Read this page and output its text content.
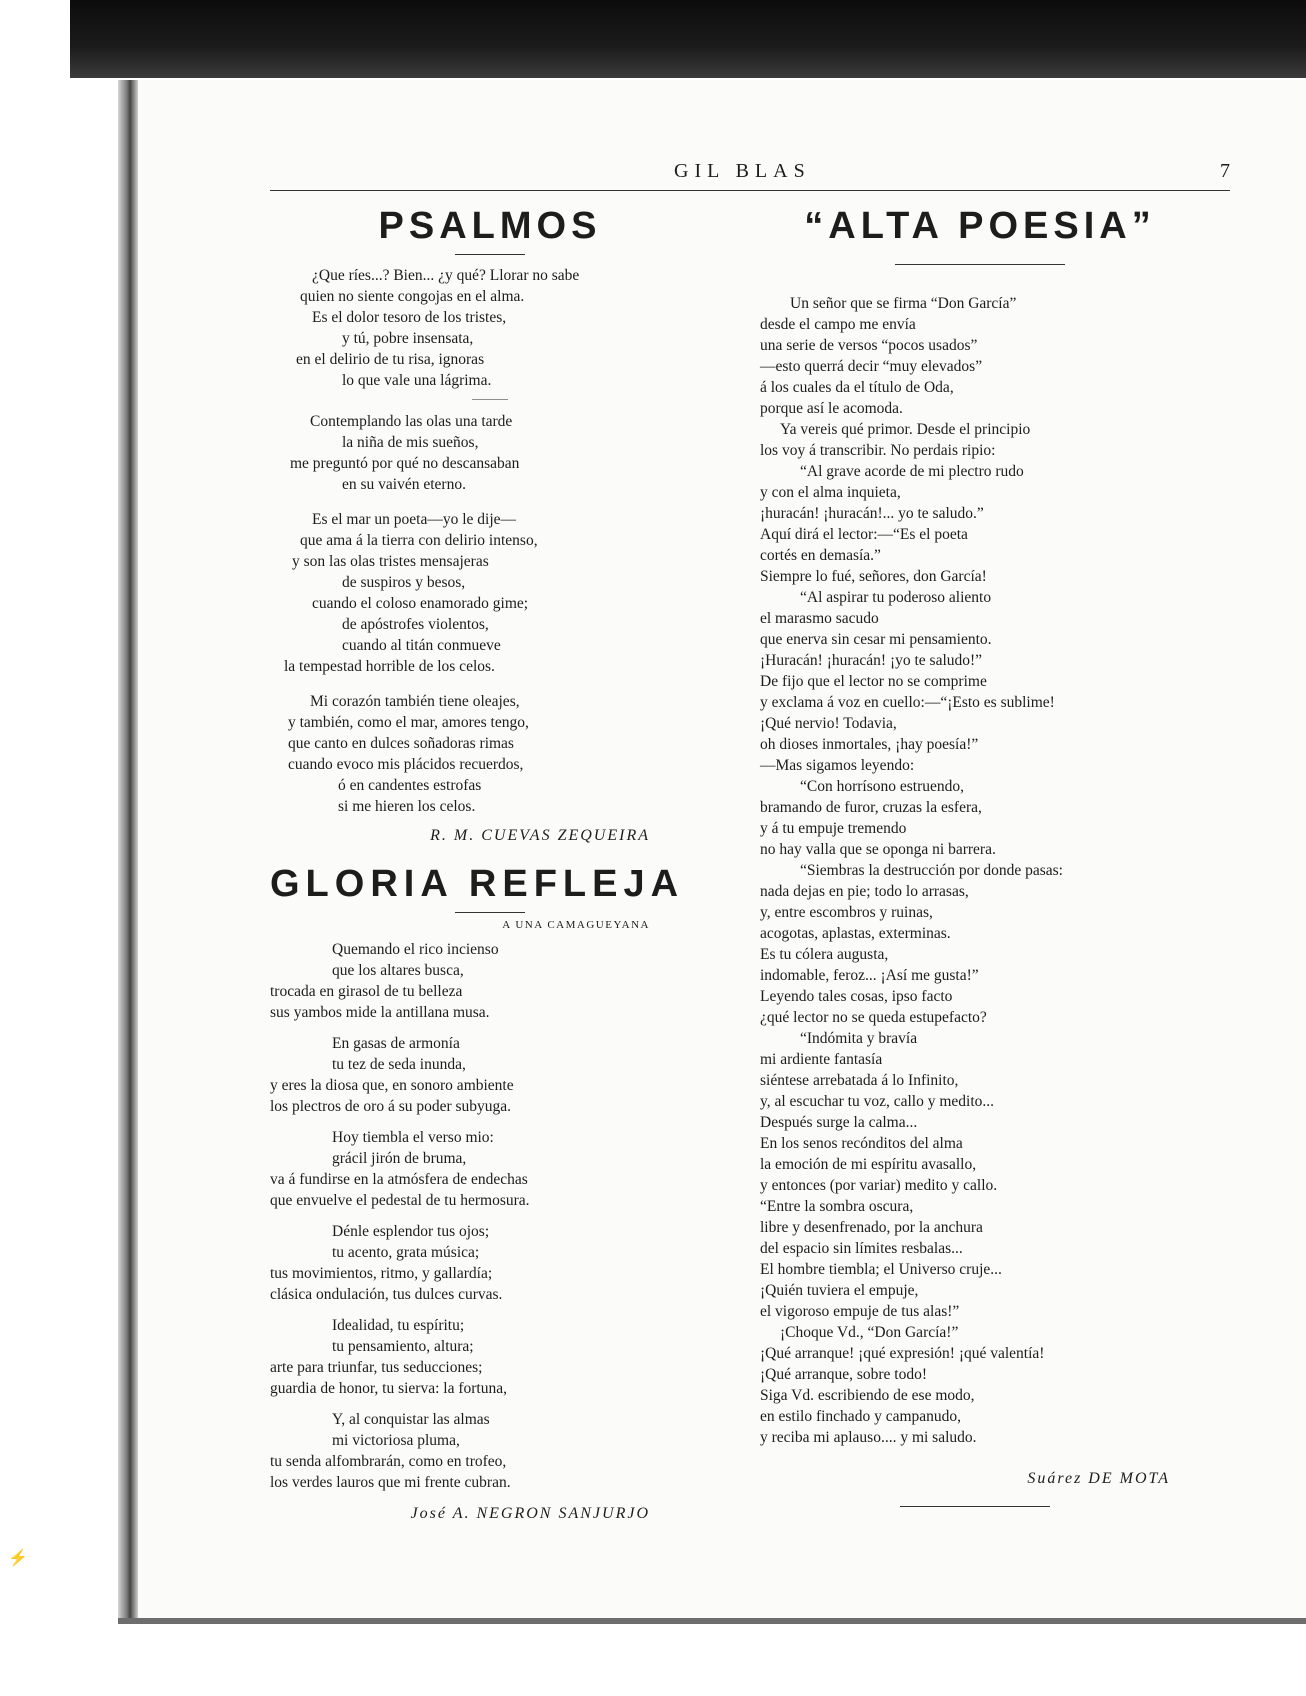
⚡
GIL BLAS	7
PSALMOS
¿Que ríes...? Bien... ¿y qué? Llorar no sabe
quien no siente congojas en el alma.
Es el dolor tesoro de los tristes,
y tú, pobre insensata,
en el delirio de tu risa, ignoras
lo que vale una lágrima.
———
Contemplando las olas una tarde
la niña de mis sueños,
me preguntó por qué no descansaban
en su vaivén eterno.
Es el mar un poeta—yo le dije—
que ama á la tierra con delirio intenso,
y son las olas tristes mensajeras
de suspiros y besos,
cuando el coloso enamorado gime;
de apóstrofes violentos,
cuando al titán conmueve
la tempestad horrible de los celos.
Mi corazón también tiene oleajes,
y también, como el mar, amores tengo,
que canto en dulces soñadoras rimas
cuando evoco mis plácidos recuerdos,
ó en candentes estrofas
si me hieren los celos.
R. M. CUEVAS ZEQUEIRA
GLORIA REFLEJA
A UNA CAMAGUEYANA
Quemando el rico incienso
que los altares busca,
trocada en girasol de tu belleza
sus yambos mide la antillana musa.
En gasas de armonía
tu tez de seda inunda,
y eres la diosa que, en sonoro ambiente
los plectros de oro á su poder subyuga.
Hoy tiembla el verso mio:
grácil jirón de bruma,
va á fundirse en la atmósfera de endechas
que envuelve el pedestal de tu hermosura.
Dénle esplendor tus ojos;
tu acento, grata música;
tus movimientos, ritmo, y gallardía;
clásica ondulación, tus dulces curvas.
Idealidad, tu espíritu;
tu pensamiento, altura;
arte para triunfar, tus seducciones;
guardia de honor, tu sierva: la fortuna,
Y, al conquistar las almas
mi victoriosa pluma,
tu senda alfombrarán, como en trofeo,
los verdes lauros que mi frente cubran.
José A. NEGRON SANJURJO
“ALTA POESIA”
Un señor que se firma “Don García”
desde el campo me envía
una serie de versos “pocos usados”
—esto querrá decir “muy elevados”
á los cuales da el título de Oda,
porque así le acomoda.
Ya vereis qué primor. Desde el principio
los voy á transcribir. No perdais ripio:
“Al grave acorde de mi plectro rudo
y con el alma inquieta,
¡huracán! ¡huracán!... yo te saludo.”
Aquí dirá el lector:—“Es el poeta
cortés en demasía.”
Siempre lo fué, señores, don García!
“Al aspirar tu poderoso aliento
el marasmo sacudo
que enerva sin cesar mi pensamiento.
¡Huracán! ¡huracán! ¡yo te saludo!”
De fijo que el lector no se comprime
y exclama á voz en cuello:—“¡Esto es sublime!
¡Qué nervio! Todavia,
oh dioses inmortales, ¡hay poesía!”
—Mas sigamos leyendo:
“Con horrísono estruendo,
bramando de furor, cruzas la esfera,
y á tu empuje tremendo
no hay valla que se oponga ni barrera.
“Siembras la destrucción por donde pasas:
nada dejas en pie; todo lo arrasas,
y, entre escombros y ruinas,
acogotas, aplastas, exterminas.
Es tu cólera augusta,
indomable, feroz... ¡Así me gusta!”
Leyendo tales cosas, ipso facto
¿qué lector no se queda estupefacto?
“Indómita y bravía
mi ardiente fantasía
siéntese arrebatada á lo Infinito,
y, al escuchar tu voz, callo y medito...
Después surge la calma...
En los senos recónditos del alma
la emoción de mi espíritu avasallo,
y entonces (por variar) medito y callo.
“Entre la sombra oscura,
libre y desenfrenado, por la anchura
del espacio sin límites resbalas...
El hombre tiembla; el Universo cruje...
¡Quién tuviera el empuje,
el vigoroso empuje de tus alas!”
¡Choque Vd., “Don García!”
¡Qué arranque! ¡qué expresión! ¡qué valentía!
¡Qué arranque, sobre todo!
Siga Vd. escribiendo de ese modo,
en estilo finchado y campanudo,
y reciba mi aplauso.... y mi saludo.
Suárez DE MOTA
